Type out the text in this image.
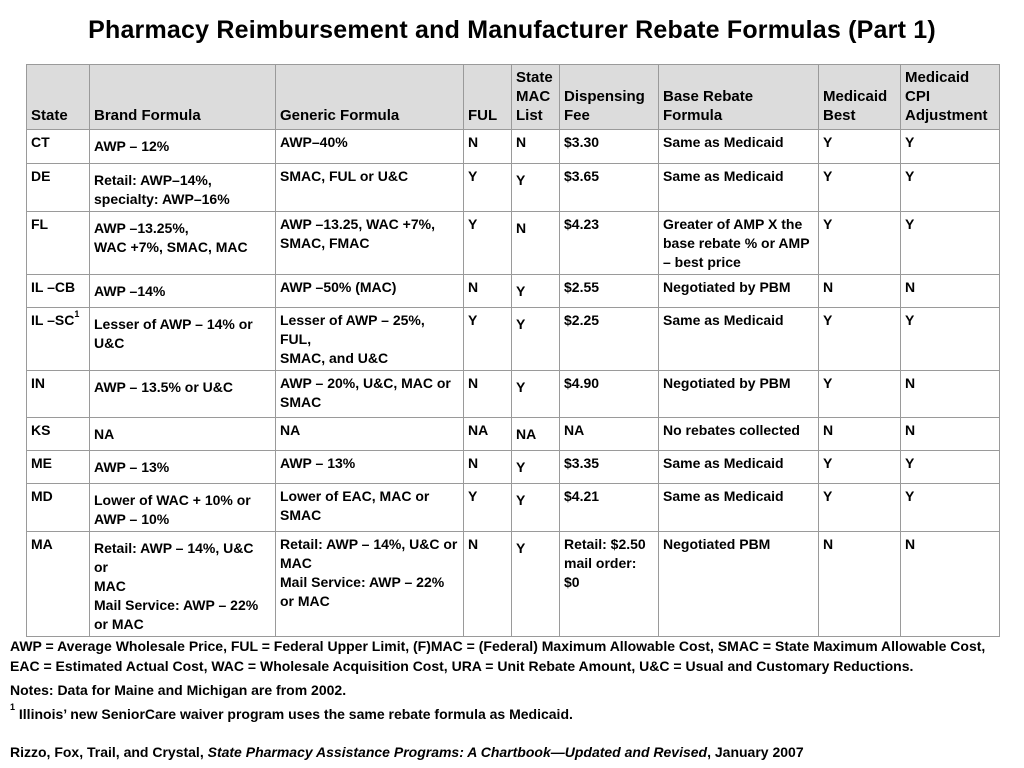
Pharmacy Reimbursement and Manufacturer Rebate Formulas (Part 1)
State	Brand Formula	Generic Formula	FUL	State MAC List	Dispensing Fee	Base Rebate Formula	Medicaid Best	Medicaid CPI Adjustment
CT	AWP – 12%	AWP–40%	N	N	$3.30	Same as Medicaid	Y	Y
DE	Retail: AWP–14%,
specialty: AWP–16%	SMAC, FUL or U&C	Y	Y	$3.65	Same as Medicaid	Y	Y
FL	AWP –13.25%,
WAC +7%, SMAC, MAC	AWP –13.25, WAC +7%,
SMAC, FMAC	Y	N	$4.23	Greater of AMP X the
base rebate % or AMP
– best price	Y	Y
IL –CB	AWP –14%	AWP –50% (MAC)	N	Y	$2.55	Negotiated by PBM	N	N
IL $-SC^1$	Lesser of AWP – 14% or
U&C	Lesser of AWP – 25%, FUL,
SMAC, and U&C	Y	Y	$2.25	Same as Medicaid	Y	Y
IN	AWP – 13.5% or U&C	AWP – 20%, U&C, MAC or
SMAC	N	Y	$4.90	Negotiated by PBM	Y	N
KS	NA	NA	NA	NA	NA	No rebates collected	N	N
ME	AWP – 13%	AWP – 13%	N	Y	$3.35	Same as Medicaid	Y	Y
MD	Lower of WAC + 10% or
AWP – 10%	Lower of EAC, MAC or
SMAC	Y	Y	$4.21	Same as Medicaid	Y	Y
MA	Retail: AWP – 14%, U&C or
MAC
Mail Service: AWP – 22%
or MAC	Retail: AWP – 14%, U&C or
MAC
Mail Service: AWP – 22%
or MAC	N	Y	Retail: $2.50
mail order: $0	Negotiated PBM	N	N

AWP = Average Wholesale Price, FUL = Federal Upper Limit, (F)MAC = (Federal) Maximum Allowable Cost, SMAC = State Maximum Allowable Cost, EAC = Estimated Actual Cost, WAC = Wholesale Acquisition Cost, URA = Unit Rebate Amount, U&C = Usual and Customary Reductions.

Notes: Data for Maine and Michigan are from 2002.

$^1$ Illinois’ new SeniorCare waiver program uses the same rebate formula as Medicaid.

Rizzo, Fox, Trail, and Crystal, State Pharmacy Assistance Programs: A Chartbook—Updated and Revised, January 2007
